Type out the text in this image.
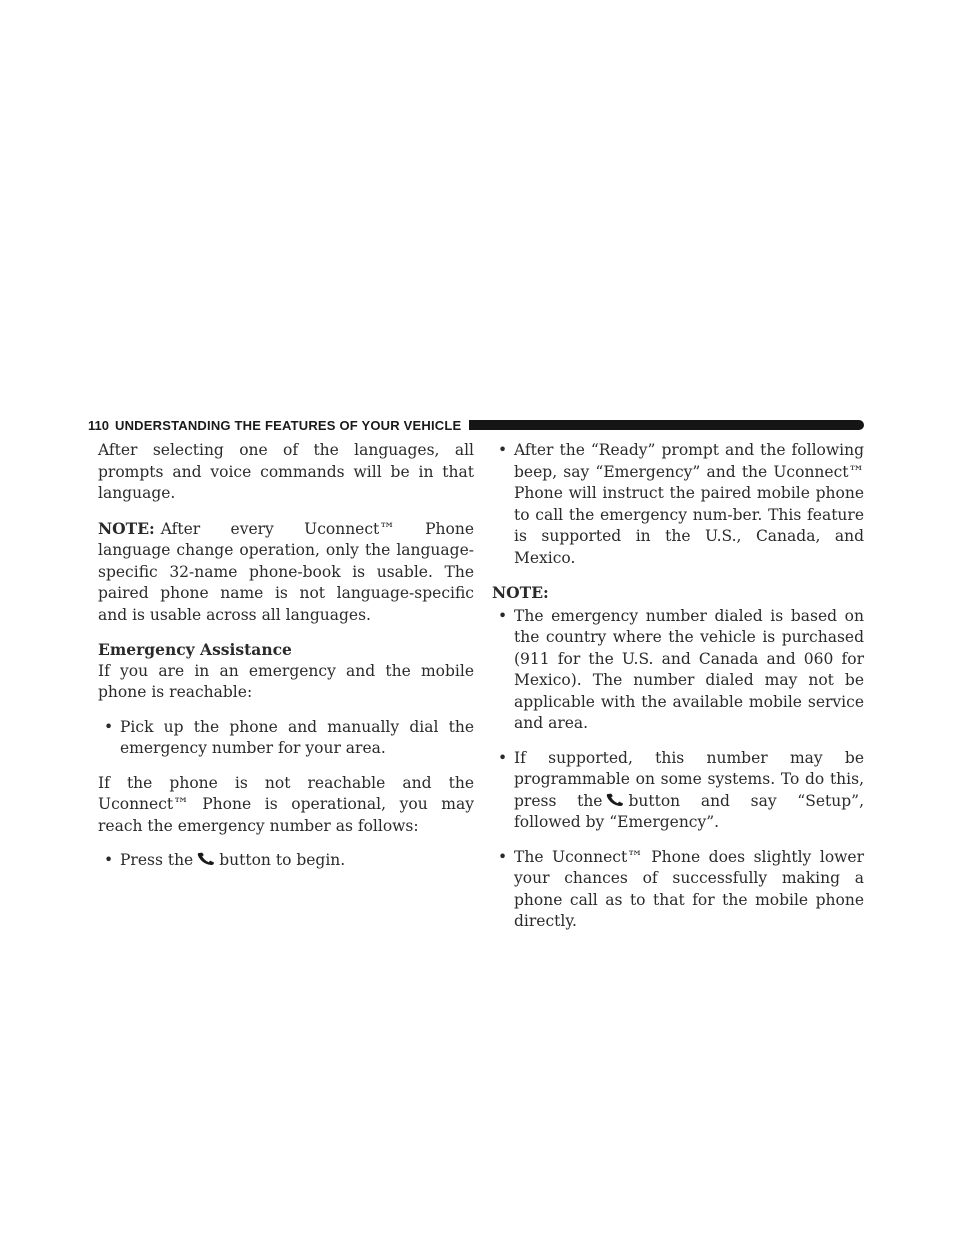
110 UNDERSTANDING THE FEATURES OF YOUR VEHICLE

After selecting one of the languages, all prompts and voice commands will be in that language.

NOTE: After every Uconnect™ Phone language change operation, only the language-specific 32-name phone-book is usable. The paired phone name is not language-specific and is usable across all languages.

Emergency Assistance

If you are in an emergency and the mobile phone is reachable:

• Pick up the phone and manually dial the emergency number for your area.

If the phone is not reachable and the Uconnect™ Phone is operational, you may reach the emergency number as follows:

• Press the button to begin.
• After the “Ready” prompt and the following beep, say “Emergency” and the Uconnect™ Phone will instruct the paired mobile phone to call the emergency num-ber. This feature is supported in the U.S., Canada, and Mexico.
NOTE:
• The emergency number dialed is based on the country where the vehicle is purchased (911 for the U.S. and Canada and 060 for Mexico). The number dialed may not be applicable with the available mobile service and area.
• If supported, this number may be programmable on some systems. To do this, press the button and say “Setup”, followed by “Emergency”.
• The Uconnect™ Phone does slightly lower your chances of successfully making a phone call as to that for the mobile phone directly.
